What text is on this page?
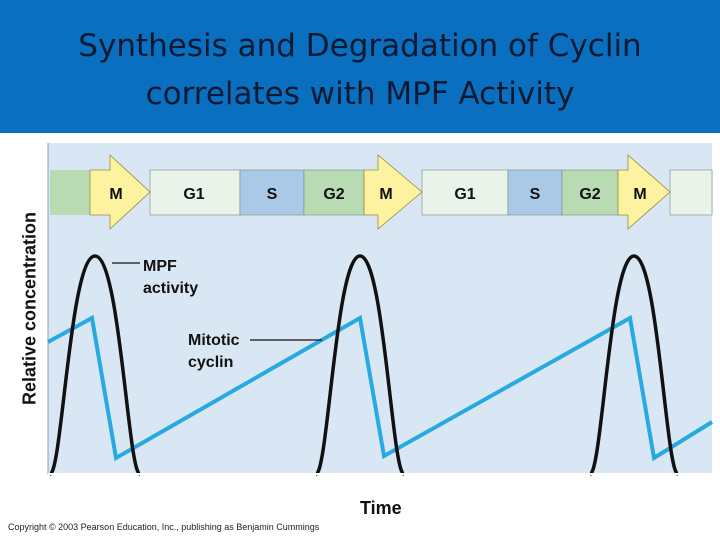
Synthesis and Degradation of Cyclin
correlates with MPF Activity
M	G1	S	G2 M	G1	S G2 M
MPF
activity
Mitotic
cyclin
Relative concentration
Time
Copyright © 2003 Pearson Education, Inc., publishing as Benjamin Cummings
